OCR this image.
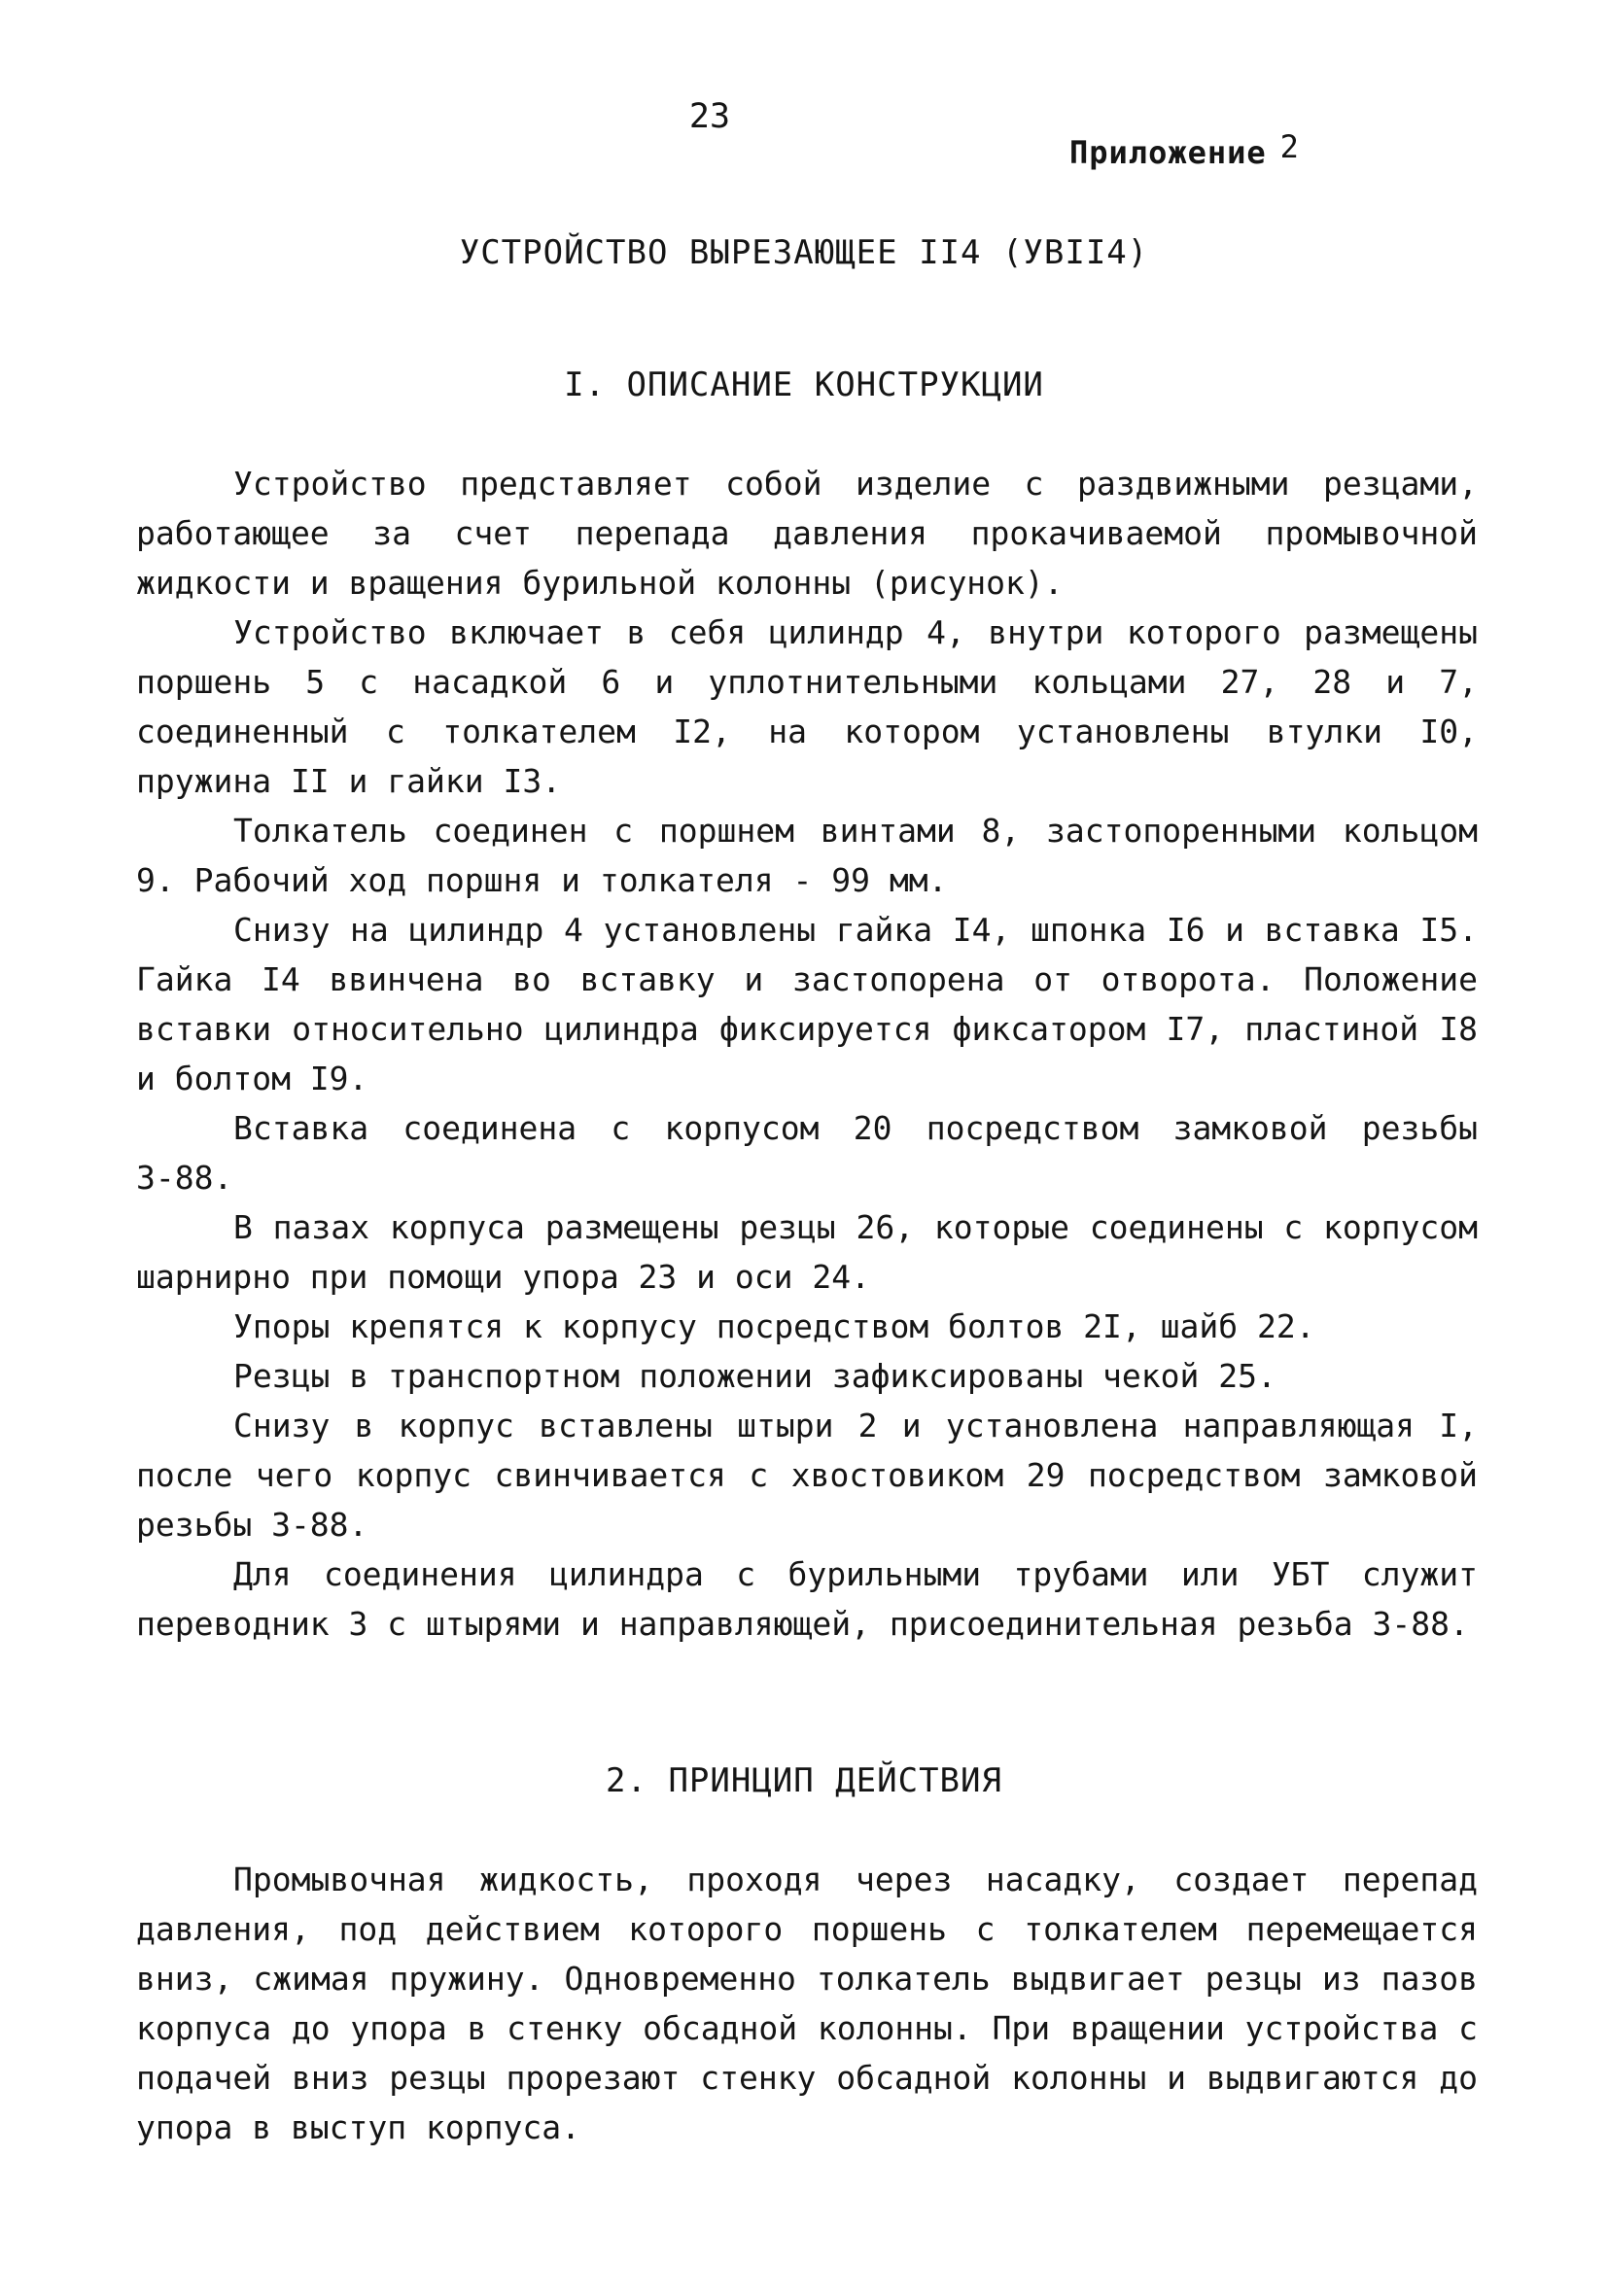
23
Приложение 2
УСТРОЙСТВО ВЫРЕЗАЮЩЕЕ II4 (УВII4)
I. ОПИСАНИЕ КОНСТРУКЦИИ

Устройство представляет собой изделие с раздвижными резцами, работающее за счет перепада давления прокачиваемой промывочной жидкости и вращения бурильной колонны (рисунок).

Устройство включает в себя цилиндр 4, внутри которого размещены поршень 5 с насадкой 6 и уплотнительными кольцами 27, 28 и 7, соединенный с толкателем I2, на котором установлены втулки I0, пружина II и гайки I3.

Толкатель соединен с поршнем винтами 8, застопоренными кольцом 9. Рабочий ход поршня и толкателя - 99 мм.

Снизу на цилиндр 4 установлены гайка I4, шпонка I6 и вставка I5. Гайка I4 ввинчена во вставку и застопорена от отворота. Положение вставки относительно цилиндра фиксируется фиксатором I7, пластиной I8 и болтом I9.

Вставка соединена с корпусом 20 посредством замковой резьбы З-88.

В пазах корпуса размещены резцы 26, которые соединены с корпусом шарнирно при помощи упора 23 и оси 24.

Упоры крепятся к корпусу посредством болтов 2I, шайб 22.

Резцы в транспортном положении зафиксированы чекой 25.

Снизу в корпус вставлены штыри 2 и установлена направляющая I, после чего корпус свинчивается с хвостовиком 29 посредством замковой резьбы З-88.

Для соединения цилиндра с бурильными трубами или УБТ служит переводник 3 с штырями и направляющей, присоединительная резьба З-88.

2. ПРИНЦИП ДЕЙСТВИЯ

Промывочная жидкость, проходя через насадку, создает перепад давления, под действием которого поршень с толкателем перемещается вниз, сжимая пружину. Одновременно толкатель выдвигает резцы из пазов корпуса до упора в стенку обсадной колонны. При вращении устройства с подачей вниз резцы прорезают стенку обсадной колонны и выдвигаются до упора в выступ корпуса.
